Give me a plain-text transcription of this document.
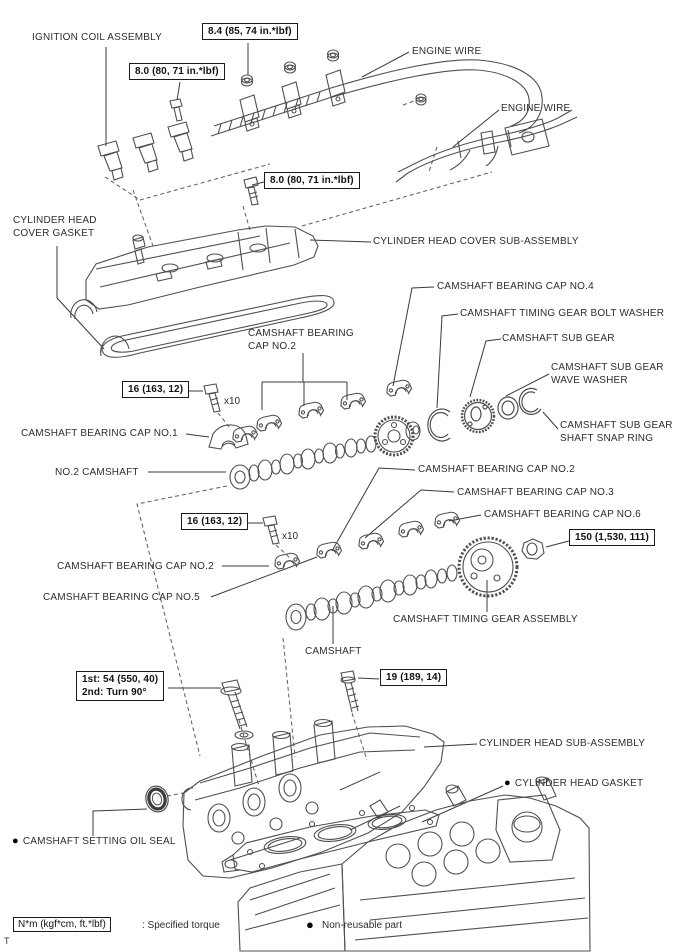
IGNITION COIL ASSEMBLY
ENGINE WIRE
ENGINE WIRE
CYLINDER HEAD
COVER GASKET
CYLINDER HEAD COVER SUB-ASSEMBLY
CAMSHAFT BEARING CAP NO.4
CAMSHAFT TIMING GEAR BOLT WASHER
CAMSHAFT BEARING
CAP NO.2
CAMSHAFT SUB GEAR
CAMSHAFT SUB GEAR
WAVE WASHER
CAMSHAFT SUB GEAR
SHAFT SNAP RING
CAMSHAFT BEARING CAP NO.1
NO.2 CAMSHAFT	CAMSHAFT BEARING CAP NO.2
CAMSHAFT BEARING CAP NO.3
CAMSHAFT BEARING CAP NO.6
CAMSHAFT BEARING CAP NO.2
CAMSHAFT BEARING CAP NO.5
CAMSHAFT TIMING GEAR ASSEMBLY
CAMSHAFT
CYLINDER HEAD SUB-ASSEMBLY
● CYLINDER HEAD GASKET
● CAMSHAFT SETTING OIL SEAL
8.4 (85, 74 in.*lbf)
8.0 (80, 71 in.*lbf)
8.0 (80, 71 in.*lbf)
16 (163, 12)
16 (163, 12)
150 (1,530, 111)
1st: 54 (550, 40)
2nd: Turn 90°
19 (189, 14)
x10
x10
N*m (kgf*cm, ft.*lbf)	: Specified torque	● Non-reusable part
T
